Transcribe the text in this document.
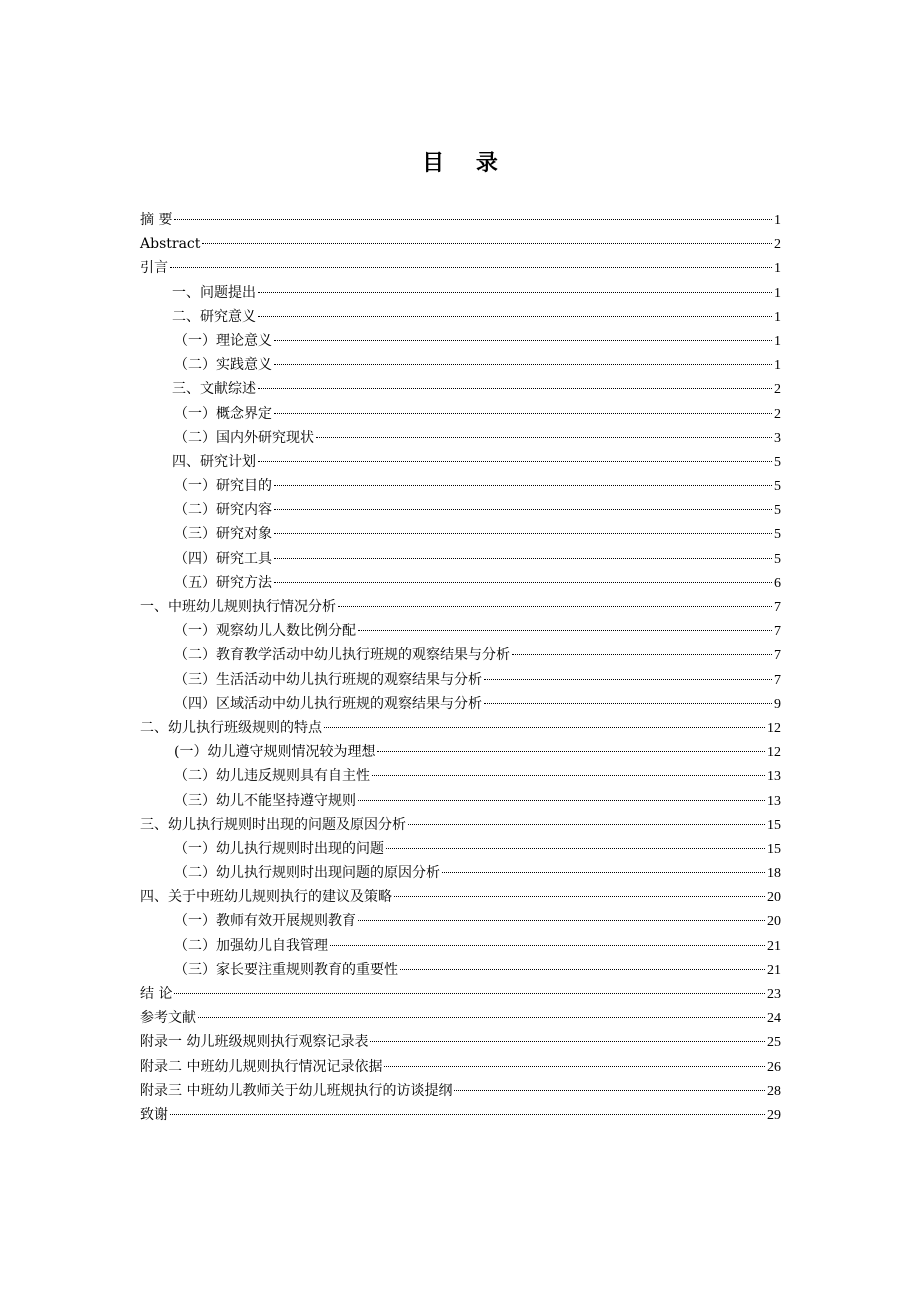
目 录
摘 要	1
Abstract	2
引言	1
一、问题提出	1
二、研究意义	1
（一）理论意义	1
（二）实践意义	1
三、文献综述	2
（一）概念界定	2
（二）国内外研究现状	3
四、研究计划	5
（一）研究目的	5
（二）研究内容	5
（三）研究对象	5
（四）研究工具	5
（五）研究方法	6
一、中班幼儿规则执行情况分析	7
（一）观察幼儿人数比例分配	7
（二）教育教学活动中幼儿执行班规的观察结果与分析	7
（三）生活活动中幼儿执行班规的观察结果与分析	7
（四）区域活动中幼儿执行班规的观察结果与分析	9
二、幼儿执行班级规则的特点	12
(一）幼儿遵守规则情况较为理想	12
（二）幼儿违反规则具有自主性	13
（三）幼儿不能坚持遵守规则	13
三、幼儿执行规则时出现的问题及原因分析	15
（一）幼儿执行规则时出现的问题	15
（二）幼儿执行规则时出现问题的原因分析	18
四、关于中班幼儿规则执行的建议及策略	20
（一）教师有效开展规则教育	20
（二）加强幼儿自我管理	21
（三）家长要注重规则教育的重要性	21
结 论	23
参考文献	24
附录一 幼儿班级规则执行观察记录表	25
附录二 中班幼儿规则执行情况记录依据	26
附录三 中班幼儿教师关于幼儿班规执行的访谈提纲	28
致谢	29
